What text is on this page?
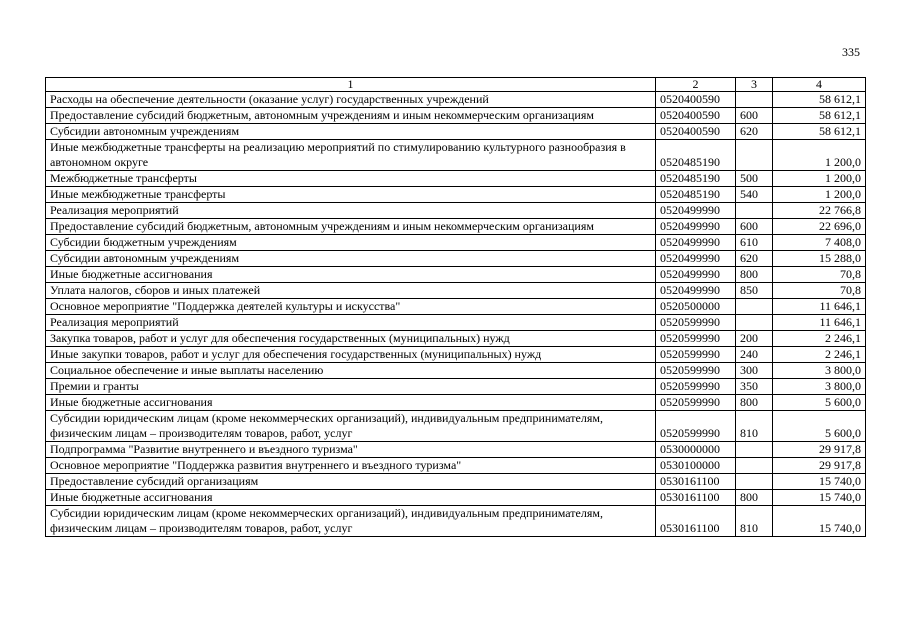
335
1	2	3	4
Расходы на обеспечение деятельности (оказание услуг) государственных учреждений	0520400590		58 612,1
Предоставление субсидий бюджетным, автономным учреждениям и иным некоммерческим организациям	0520400590	600	58 612,1
Субсидии автономным учреждениям	0520400590	620	58 612,1
Иные межбюджетные трансферты на реализацию мероприятий по стимулированию культурного разнообразия в автономном округе	0520485190		1 200,0
Межбюджетные трансферты	0520485190	500	1 200,0
Иные межбюджетные трансферты	0520485190	540	1 200,0
Реализация мероприятий	0520499990		22 766,8
Предоставление субсидий бюджетным, автономным учреждениям и иным некоммерческим организациям	0520499990	600	22 696,0
Субсидии бюджетным учреждениям	0520499990	610	7 408,0
Субсидии автономным учреждениям	0520499990	620	15 288,0
Иные бюджетные ассигнования	0520499990	800	70,8
Уплата налогов, сборов и иных платежей	0520499990	850	70,8
Основное мероприятие "Поддержка деятелей культуры и искусства"	0520500000		11 646,1
Реализация мероприятий	0520599990		11 646,1
Закупка товаров, работ и услуг для обеспечения государственных (муниципальных) нужд	0520599990	200	2 246,1
Иные закупки товаров, работ и услуг для обеспечения государственных (муниципальных) нужд	0520599990	240	2 246,1
Социальное обеспечение и иные выплаты населению	0520599990	300	3 800,0
Премии и гранты	0520599990	350	3 800,0
Иные бюджетные ассигнования	0520599990	800	5 600,0
Субсидии юридическим лицам (кроме некоммерческих организаций), индивидуальным предпринимателям, физическим лицам – производителям товаров, работ, услуг	0520599990	810	5 600,0
Подпрограмма "Развитие внутреннего и въездного туризма"	0530000000		29 917,8
Основное мероприятие "Поддержка развития внутреннего и въездного туризма"	0530100000		29 917,8
Предоставление субсидий организациям	0530161100		15 740,0
Иные бюджетные ассигнования	0530161100	800	15 740,0
Субсидии юридическим лицам (кроме некоммерческих организаций), индивидуальным предпринимателям, физическим лицам – производителям товаров, работ, услуг	0530161100	810	15 740,0
